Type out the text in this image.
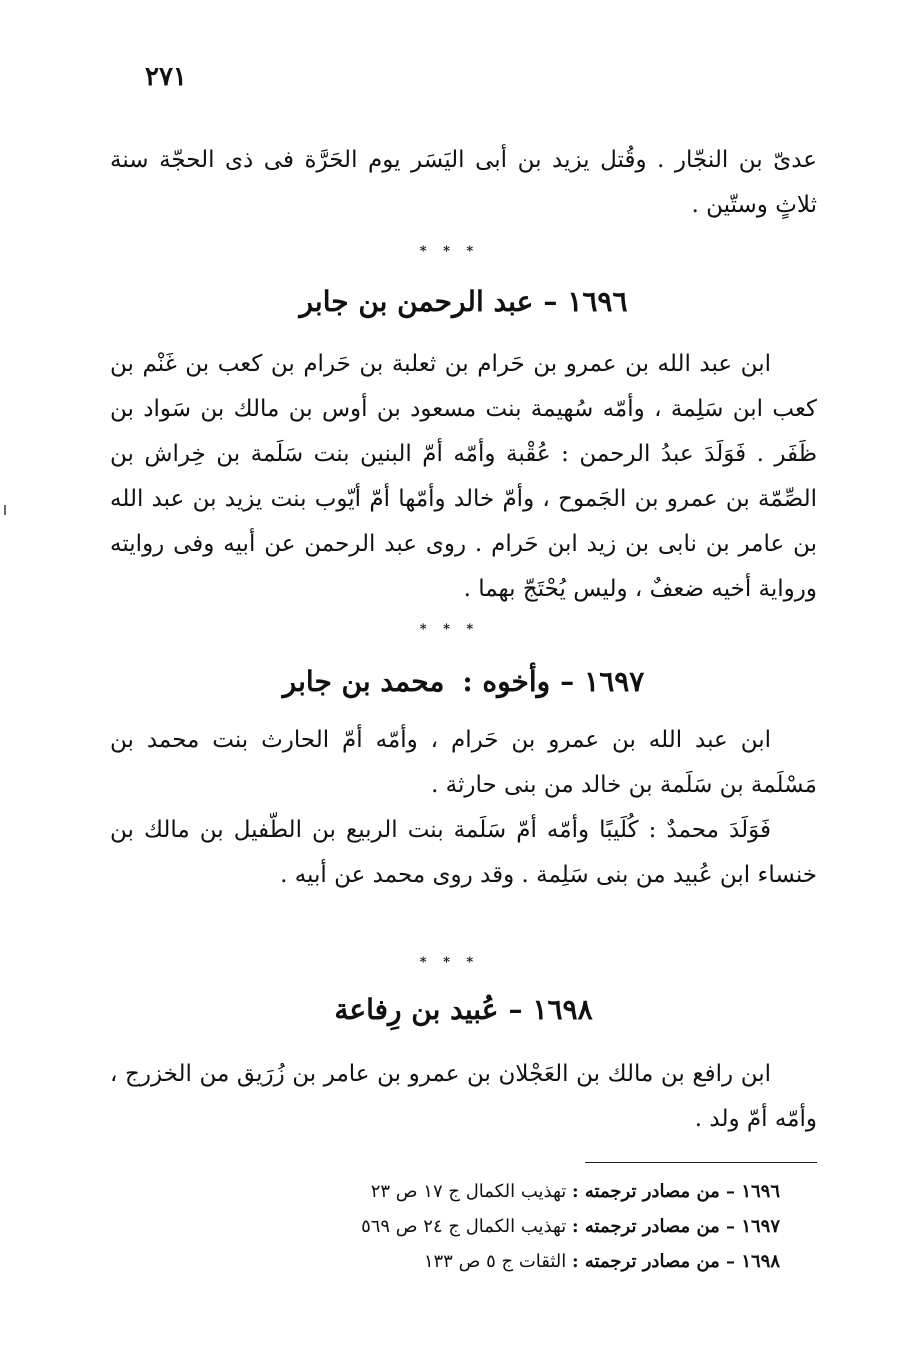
٢٧١

عدىّ بن النجّار . وقُتل يزيد بن أبى اليَسَر يوم الحَرَّة فى ذى الحجّة سنة ثلاثٍ وستّين .

* * *
١٦٩٦–عبد الرحمن بن جابر

ابن عبد الله بن عمرو بن حَرام بن ثعلبة بن حَرام بن كعب بن غَنْم بن كعب ابن سَلِمة ، وأمّه سُهيمة بنت مسعود بن أوس بن مالك بن سَواد بن ظَفَر . فَوَلَدَ عبدُ الرحمن : عُقْبة وأمّه أمّ البنين بنت سَلَمة بن خِراش بن الصِّمّة بن عمرو بن الجَموح ، وأمّ خالد وأمّها أمّ أيّوب بنت يزيد بن عبد الله بن عامر بن نابى بن زيد ابن حَرام . روى عبد الرحمن عن أبيه وفى روايته ورواية أخيه ضعفٌ ، وليس يُحْتَجّ بهما .

* * *
١٦٩٧–وأخوه :محمد بن جابر

ابن عبد الله بن عمرو بن حَرام ، وأمّه أمّ الحارث بنت محمد بن مَسْلَمة بن سَلَمة بن خالد من بنى حارثة .

فَوَلَدَ محمدٌ : كُلَيبًا وأمّه أمّ سَلَمة بنت الربيع بن الطّفيل بن مالك بن خنساء ابن عُبيد من بنى سَلِمة . وقد روى محمد عن أبيه .

* * *
١٦٩٨–عُبيد بن رِفاعة

ابن رافع بن مالك بن العَجْلان بن عمرو بن عامر بن زُرَيق من الخزرج ، وأمّه أمّ ولد .

١٦٩٦ – من مصادر ترجمته : تهذيب الكمال ج ١٧ ص ٢٣
١٦٩٧ – من مصادر ترجمته : تهذيب الكمال ج ٢٤ ص ٥٦٩
١٦٩٨ – من مصادر ترجمته : الثقات ج ٥ ص ١٣٣
